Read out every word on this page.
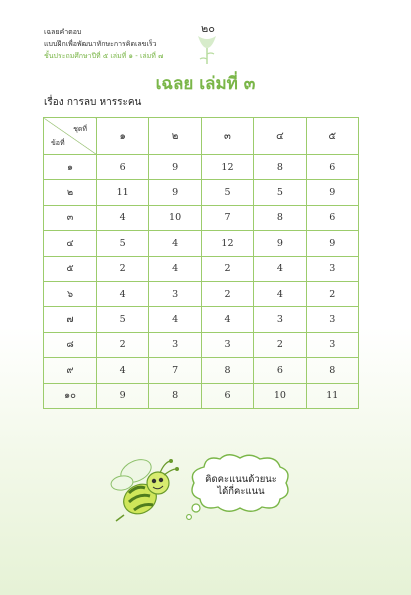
เฉลยคำตอบ
แบบฝึกเพื่อพัฒนาทักษะการคิดเลขเร็ว
ชั้นประถมศึกษาปีที่ ๕ เล่มที่ ๑ - เล่มที่ ๗
๒๐
เฉลย เล่มที่ ๓
เรื่อง การลบ หารระคน
ชุดที่
ข้อที่	๑	๒	๓	๔	๕
๑	6	9	12	8	6
๒	11	9	5	5	9
๓	4	10	7	8	6
๔	5	4	12	9	9
๕	2	4	2	4	3
๖	4	3	2	4	2
๗	5	4	4	3	3
๘	2	3	3	2	3
๙	4	7	8	6	8
๑๐	9	8	6	10	11
คิดคะแนนด้วยนะ
ได้กี่คะแนน
